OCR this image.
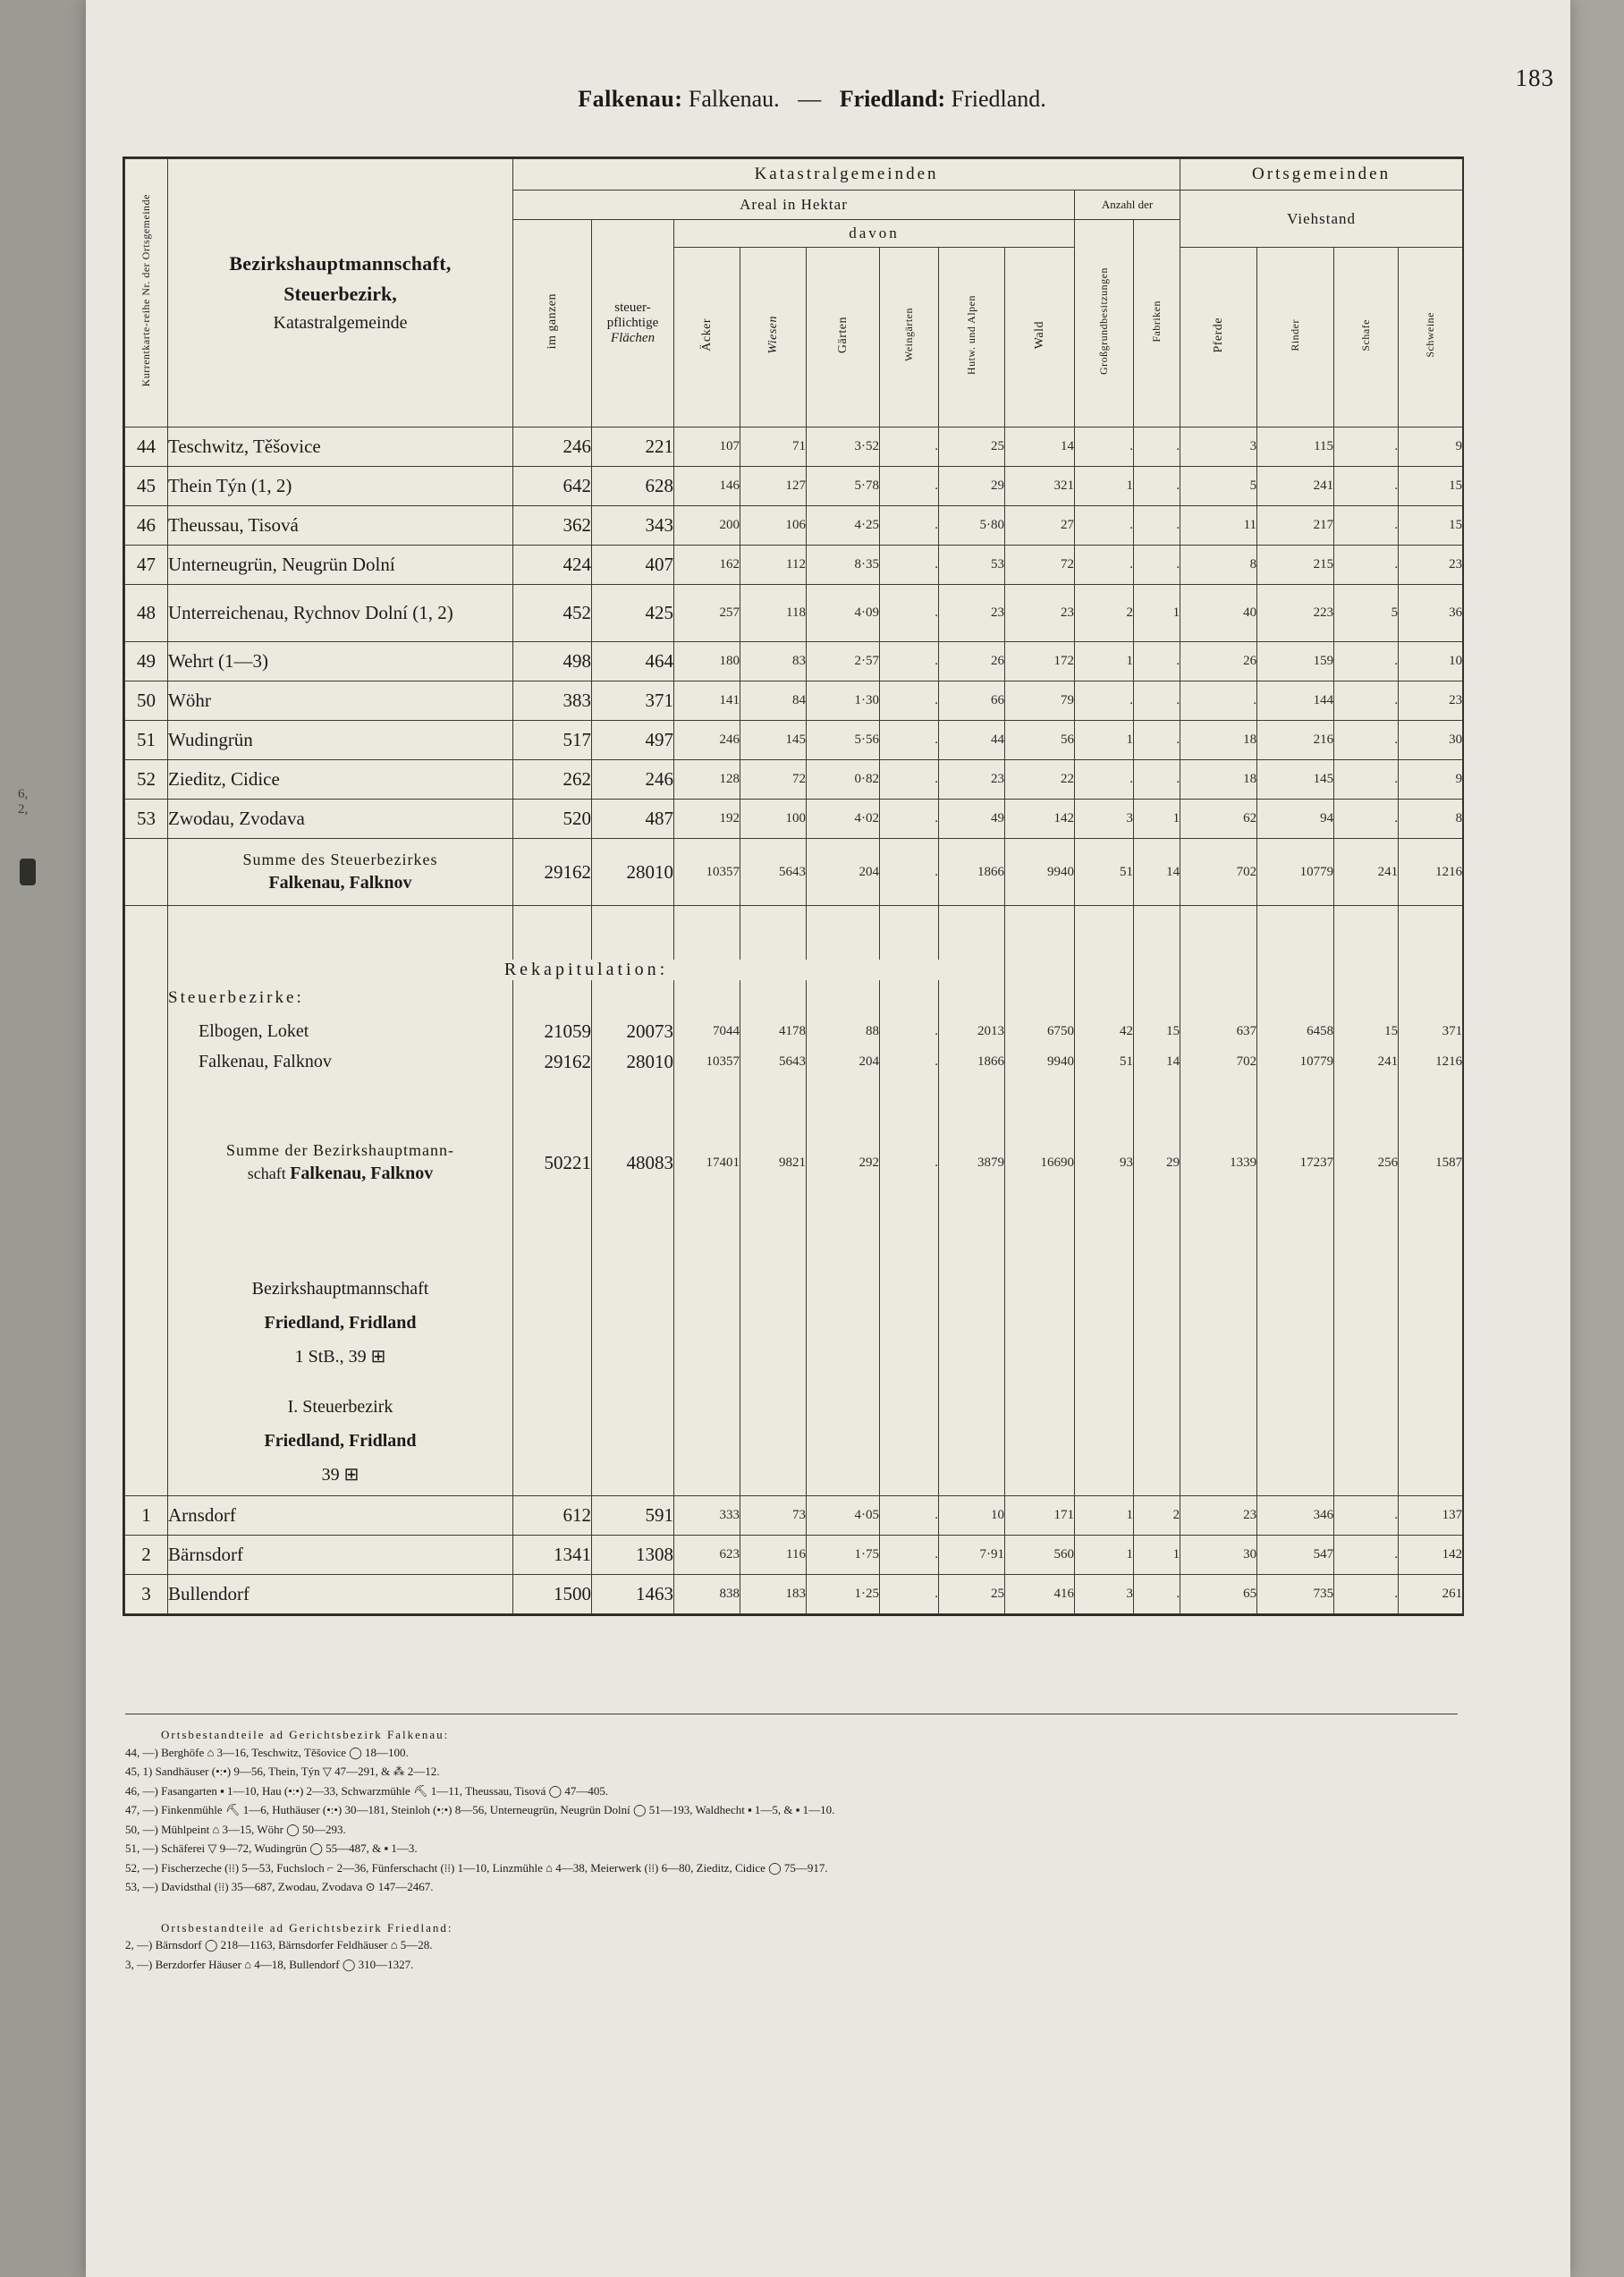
6,
2,
183
Falkenau: Falkenau. — Friedland: Friedland.
Kurrentkarte-reihe Nr. der Ortsgemeinde	Bezirkshauptmannschaft,
Steuerbezirk,
Katastralgemeinde	Katastralgemeinden										Ortsgemeinden			
		Areal in Hektar								Anzahl der		Viehstand			
		im ganzen	steuer-
pflichtige
Flächen	davon						Großgrundbesitzungen	Fabriken				
				Äcker	Wiesen	Gärten	Weingärten	Hutw. und Alpen	Wald			Pferde	Rinder	Schafe	Schweine
44	Teschwitz, Těšovice	246	221	107	71	3·52	.	25	14	.	.	3	115	.	9
45	Thein Týn (1, 2)	642	628	146	127	5·78	.	29	321	1	.	5	241	.	15
46	Theussau, Tisová	362	343	200	106	4·25	.	5·80	27	.	.	11	217	.	15
47	Unterneugrün, Neugrün Dolní	424	407	162	112	8·35	.	53	72	.	.	8	215	.	23
48	Unterreichenau, Rychnov Dolní (1, 2)	452	425	257	118	4·09	.	23	23	2	1	40	223	5	36
49	Wehrt (1—3)	498	464	180	83	2·57	.	26	172	1	.	26	159	.	10
50	Wöhr	383	371	141	84	1·30	.	66	79	.	.	.	144	.	23
51	Wudingrün	517	497	246	145	5·56	.	44	56	1	.	18	216	.	30
52	Zieditz, Cidice	262	246	128	72	0·82	.	23	22	.	.	18	145	.	9
53	Zwodau, Zvodava	520	487	192	100	4·02	.	49	142	3	1	62	94	.	8

	Summe des Steuerbezirkes
Falkenau, Falknov	29162	28010	10357	5643	204	.	1866	9940	51	14	702	10779	241	1216

	Rekapitulation:														
	Steuerbezirke:														
	Elbogen, Loket	21059	20073	7044	4178	88	.	2013	6750	42	15	637	6458	15	371
	Falkenau, Falknov	29162	28010	10357	5643	204	.	1866	9940	51	14	702	10779	241	1216

	Summe der Bezirkshauptmann-
schaft Falkenau, Falknov	50221	48083	17401	9821	292	.	3879	16690	93	29	1339	17237	256	1587

Bezirkshauptmannschaft
Friedland, Fridland
1 StB., 39 ⊞
I. Steuerbezirk
Friedland, Fridland
39 ⊞

1	Arnsdorf	612	591	333	73	4·05	.	10	171	1	2	23	346	.	137
2	Bärnsdorf	1341	1308	623	116	1·75	.	7·91	560	1	1	30	547	.	142
3	Bullendorf	1500	1463	838	183	1·25	.	25	416	3	.	65	735	.	261
Ortsbestandteile ad Gerichtsbezirk Falkenau:

44, —) Berghöfe ⌂ 3—16, Teschwitz, Těšovice ◯ 18—100.

45, 1) Sandhäuser (•:•) 9—56, Thein, Týn ▽ 47—291, & ⁂ 2—12.

46, —) Fasangarten ▪ 1—10, Hau (•:•) 2—33, Schwarzmühle ⛏ 1—11, Theussau, Tisová ◯ 47—405.

47, —) Finkenmühle ⛏ 1—6, Huthäuser (•:•) 30—181, Steinloh (•:•) 8—56, Unterneugrün, Neugrün Dolní ◯ 51—193, Waldhecht ▪ 1—5, & ▪ 1—10.

50, —) Mühlpeint ⌂ 3—15, Wöhr ◯ 50—293.

51, —) Schäferei ▽ 9—72, Wudingrün ◯ 55—487, & ▪ 1—3.

52, —) Fischerzeche (⁞⁞) 5—53, Fuchsloch ⌐ 2—36, Fünferschacht (⁞⁞) 1—10, Linzmühle ⌂ 4—38, Meierwerk (⁞⁞) 6—80, Zieditz, Cidice ◯ 75—917.

53, —) Davidsthal (⁞⁞) 35—687, Zwodau, Zvodava ⊙ 147—2467.

Ortsbestandteile ad Gerichtsbezirk Friedland:

2, —) Bärnsdorf ◯ 218—1163, Bärnsdorfer Feldhäuser ⌂ 5—28.

3, —) Berzdorfer Häuser ⌂ 4—18, Bullendorf ◯ 310—1327.
